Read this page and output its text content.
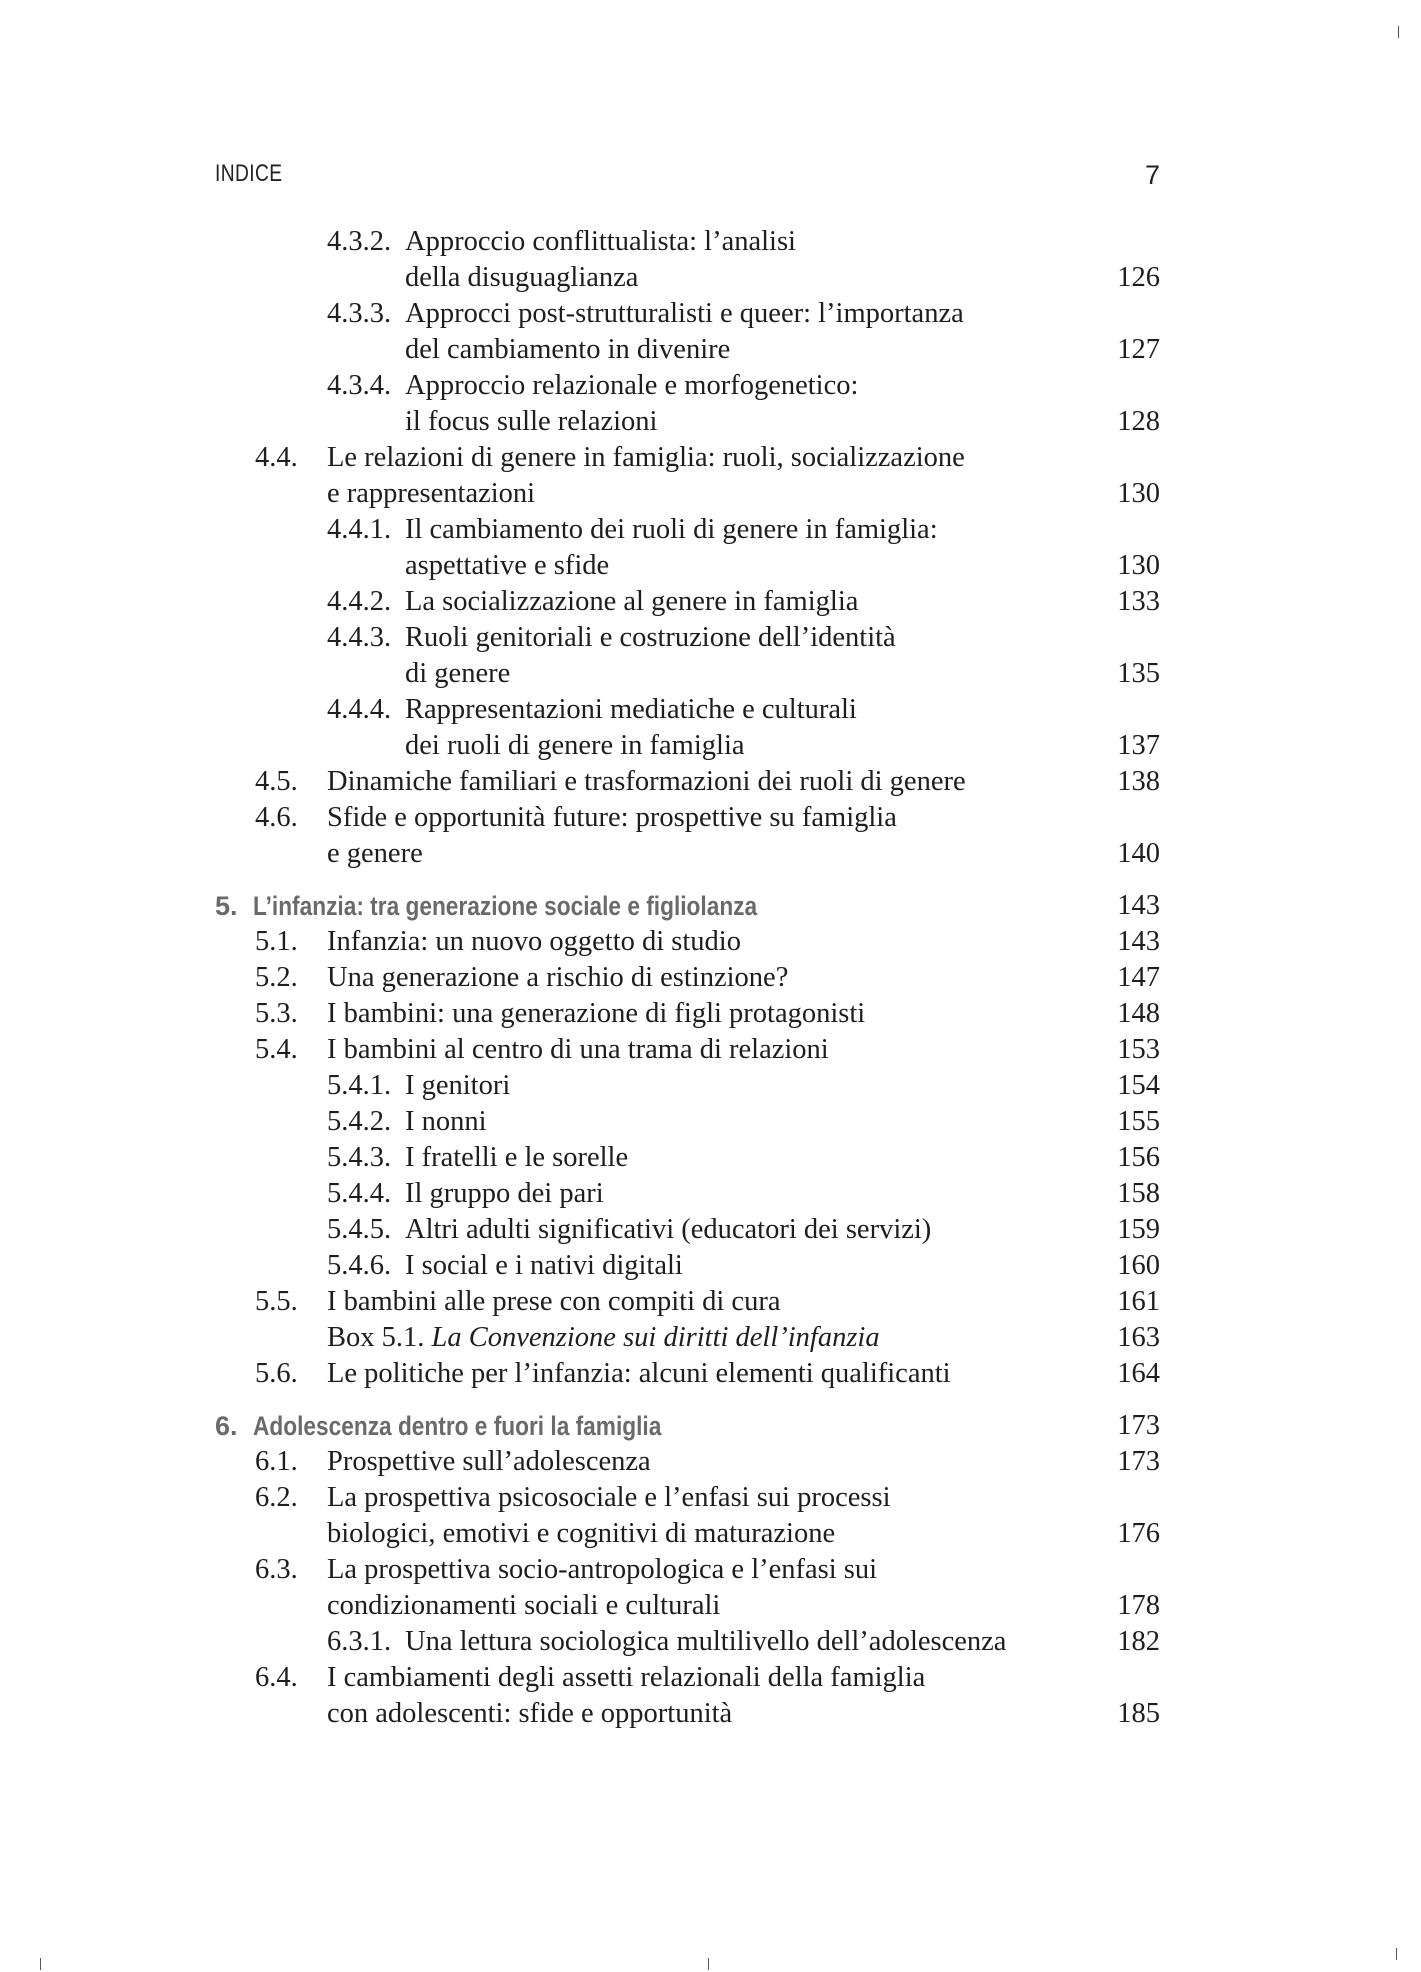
INDICE	7
4.3.2. Approccio conflittualista: l’analisi
della disuguaglianza	126
4.3.3. Approcci post-strutturalisti e queer: l’importanza
del cambiamento in divenire	127
4.3.4. Approccio relazionale e morfogenetico:
il focus sulle relazioni	128
4.4. Le relazioni di genere in famiglia: ruoli, socializzazione
e rappresentazioni	130
4.4.1. Il cambiamento dei ruoli di genere in famiglia:
aspettative e sfide	130
4.4.2. La socializzazione al genere in famiglia	133
4.4.3. Ruoli genitoriali e costruzione dell’identità
di genere	135
4.4.4. Rappresentazioni mediatiche e culturali
dei ruoli di genere in famiglia	137
4.5. Dinamiche familiari e trasformazioni dei ruoli di genere	138
4.6. Sfide e opportunità future: prospettive su famiglia
e genere	140
5. L’infanzia: tra generazione sociale e figliolanza	143
5.1. Infanzia: un nuovo oggetto di studio	143
5.2. Una generazione a rischio di estinzione?	147
5.3. I bambini: una generazione di figli protagonisti	148
5.4. I bambini al centro di una trama di relazioni	153
5.4.1. I genitori	154
5.4.2. I nonni	155
5.4.3. I fratelli e le sorelle	156
5.4.4. Il gruppo dei pari	158
5.4.5. Altri adulti significativi (educatori dei servizi)	159
5.4.6. I social e i nativi digitali	160
5.5. I bambini alle prese con compiti di cura	161
Box 5.1. La Convenzione sui diritti dell’infanzia	163
5.6. Le politiche per l’infanzia: alcuni elementi qualificanti	164
6. Adolescenza dentro e fuori la famiglia	173
6.1. Prospettive sull’adolescenza	173
6.2. La prospettiva psicosociale e l’enfasi sui processi
biologici, emotivi e cognitivi di maturazione	176
6.3. La prospettiva socio-antropologica e l’enfasi sui
condizionamenti sociali e culturali	178
6.3.1. Una lettura sociologica multilivello dell’adolescenza	182
6.4. I cambiamenti degli assetti relazionali della famiglia
con adolescenti: sfide e opportunità	185
